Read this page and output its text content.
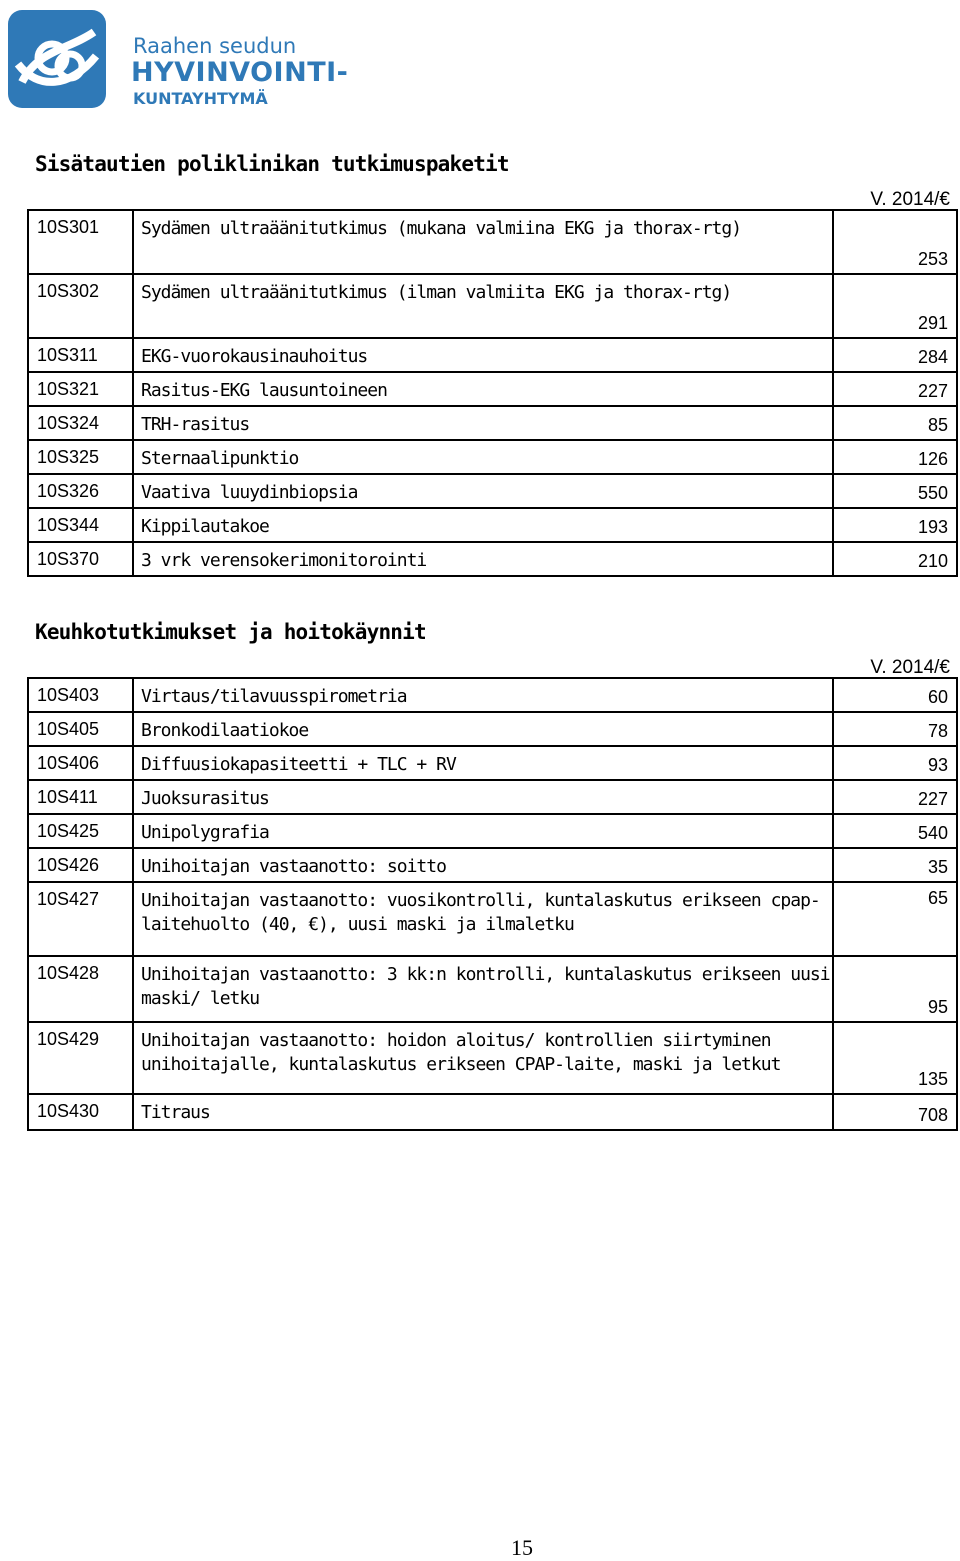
Raahen seudun
HYVINVOINTI-
KUNTAYHTYMÄ
Sisätautien poliklinikan tutkimuspaketit
V. 2014/€
10S301	Sydämen ultraäänitutkimus (mukana valmiina EKG ja thorax-rtg)	253
10S302	Sydämen ultraäänitutkimus (ilman valmiita EKG ja thorax-rtg)	291
10S311	EKG-vuorokausinauhoitus	284
10S321	Rasitus-EKG lausuntoineen	227
10S324	TRH-rasitus	85
10S325	Sternaalipunktio	126
10S326	Vaativa luuydinbiopsia	550
10S344	Kippilautakoe	193
10S370	3 vrk verensokerimonitorointi	210
Keuhkotutkimukset ja hoitokäynnit
V. 2014/€
10S403	Virtaus/tilavuusspirometria	60
10S405	Bronkodilaatiokoe	78
10S406	Diffuusiokapasiteetti + TLC + RV	93
10S411	Juoksurasitus	227
10S425	Unipolygrafia	540
10S426	Unihoitajan vastaanotto: soitto	35
10S427	Unihoitajan vastaanotto: vuosikontrolli, kuntalaskutus erikseen cpap-laitehuolto (40, €), uusi maski ja ilmaletku	65
10S428	Unihoitajan vastaanotto: 3 kk:n kontrolli, kuntalaskutus erikseen uusi maski/ letku	95
10S429	Unihoitajan vastaanotto: hoidon aloitus/ kontrollien siirtyminen unihoitajalle, kuntalaskutus erikseen CPAP-laite, maski ja letkut	135
10S430	Titraus	708
15
